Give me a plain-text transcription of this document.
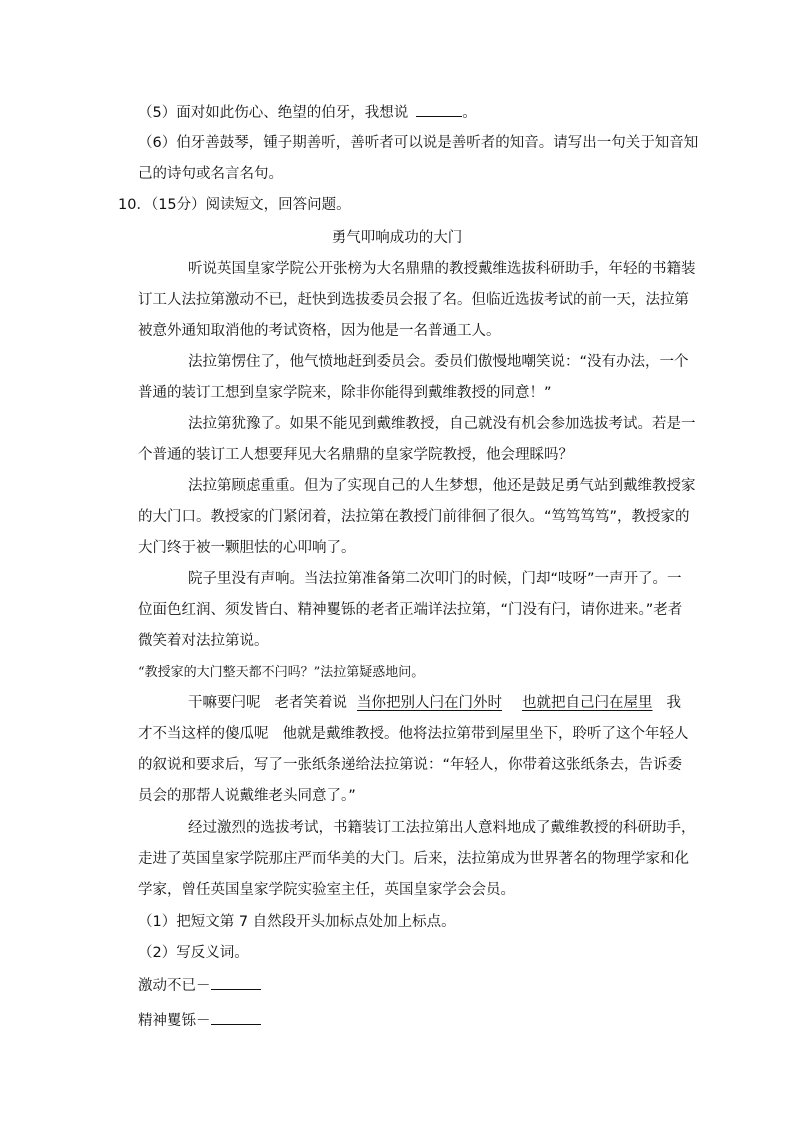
（5）面对如此伤心、绝望的伯牙，我想说	。
（6）伯牙善鼓琴，锺子期善听，善听者可以说是善听者的知音。请写出一句关于知音知
己的诗句或名言名句。
10．（15分）阅读短文，回答问题。
勇气叩响成功的大门
听说英国皇家学院公开张榜为大名鼎鼎的教授戴维选拔科研助手，年轻的书籍装
订工人法拉第激动不已，赶快到选拔委员会报了名。但临近选拔考试的前一天，法拉第
被意外通知取消他的考试资格，因为他是一名普通工人。
法拉第愣住了，他气愤地赶到委员会。委员们傲慢地嘲笑说：“没有办法，一个
普通的装订工想到皇家学院来，除非你能得到戴维教授的同意！”
法拉第犹豫了。如果不能见到戴维教授，自己就没有机会参加选拔考试。若是一
个普通的装订工人想要拜见大名鼎鼎的皇家学院教授，他会理睬吗？
法拉第顾虑重重。但为了实现自己的人生梦想，他还是鼓足勇气站到戴维教授家
的大门口。教授家的门紧闭着，法拉第在教授门前徘徊了很久。“笃笃笃笃”，教授家的
大门终于被一颗胆怯的心叩响了。
院子里没有声响。当法拉第准备第二次叩门的时候，门却“吱呀”一声开了。一
位面色红润、须发皆白、精神矍铄的老者正端详法拉第，“门没有闩，请你进来。”老者
微笑着对法拉第说。
“教授家的大门整天都不闩吗？”法拉第疑惑地问。
干嘛要闩呢 老者笑着说 当你把别人闩在门外时 也就把自己闩在屋里 我
才不当这样的傻瓜呢 他就是戴维教授。他将法拉第带到屋里坐下，聆听了这个年轻人
的叙说和要求后，写了一张纸条递给法拉第说：“年轻人，你带着这张纸条去，告诉委
员会的那帮人说戴维老头同意了。”
经过激烈的选拔考试，书籍装订工法拉第出人意料地成了戴维教授的科研助手，
走进了英国皇家学院那庄严而华美的大门。后来，法拉第成为世界著名的物理学家和化
学家，曾任英国皇家学院实验室主任，英国皇家学会会员。
（1）把短文第 7 自然段开头加标点处加上标点。
（2）写反义词。
激动不已－
精神矍铄－
